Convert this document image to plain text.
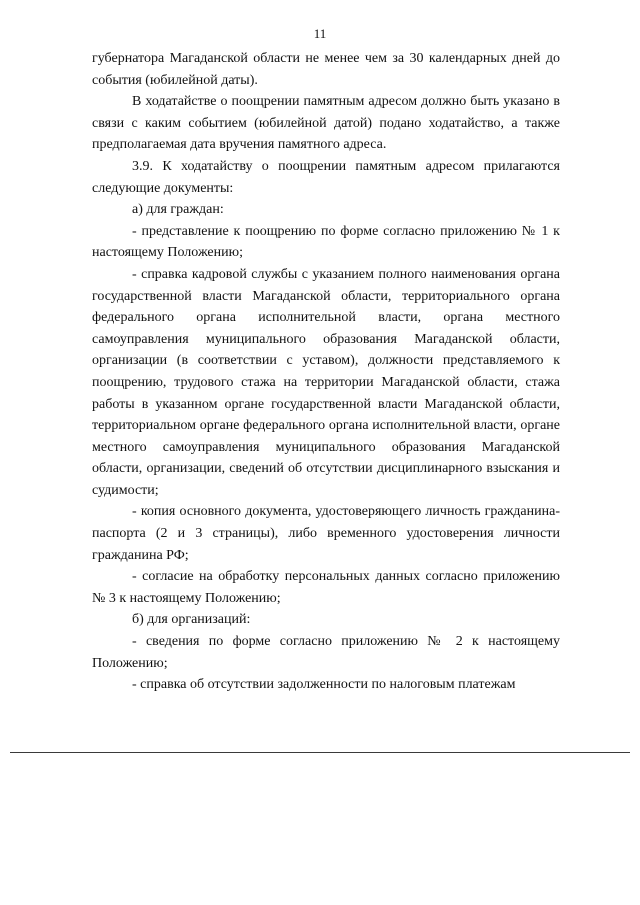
11

губернатора Магаданской области не менее чем за 30 календарных дней до события (юбилейной даты).

В ходатайстве о поощрении памятным адресом должно быть указано в связи с каким событием (юбилейной датой) подано ходатайство, а также предполагаемая дата вручения памятного адреса.

3.9. К ходатайству о поощрении памятным адресом прилагаются следующие документы:

а) для граждан:

- представление к поощрению по форме согласно приложению № 1 к настоящему Положению;

- справка кадровой службы с указанием полного наименования органа государственной власти Магаданской области, территориального органа федерального органа исполнительной власти, органа местного самоуправления муниципального образования Магаданской области, организации (в соответствии с уставом), должности представляемого к поощрению, трудового стажа на территории Магаданской области, стажа работы в указанном органе государственной власти Магаданской области, территориальном органе федерального органа исполнительной власти, органе местного самоуправления муниципального образования Магаданской области, организации, сведений об отсутствии дисциплинарного взыскания и судимости;

- копия основного документа, удостоверяющего личность гражданина- паспорта (2 и 3 страницы), либо временного удостоверения личности гражданина РФ;

- согласие на обработку персональных данных согласно приложению № 3 к настоящему Положению;

б) для организаций:

- сведения по форме согласно приложению № 2 к настоящему Положению;

- справка об отсутствии задолженности по налоговым платежам
